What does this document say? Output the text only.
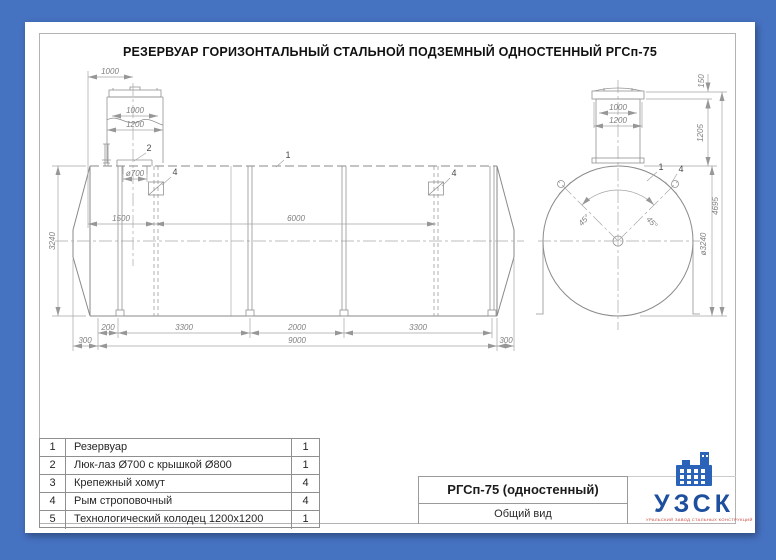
РЕЗЕРВУАР ГОРИЗОНТАЛЬНЫЙ СТАЛЬНОЙ ПОДЗЕМНЫЙ ОДНОСТЕННЫЙ РГСп-75
1000
1000
1200
ø700
1500	6000
3240
200	3300	2000	3300
300	9000	300
2
4
1
4
45°	45°
1000
1200
150
1205
ø3240
4695
1 4
1	Резервуар	1
2	Люк-лаз Ø700 с крышкой Ø800	1
3	Крепежный хомут	4
4	Рым строповочный	4
5	Технологический колодец 1200х1200	1
РГСп-75 (одностенный)
Общий вид	УЗСК
УРАЛЬСКИЙ ЗАВОД СТАЛЬНЫХ КОНСТРУКЦИЙ
